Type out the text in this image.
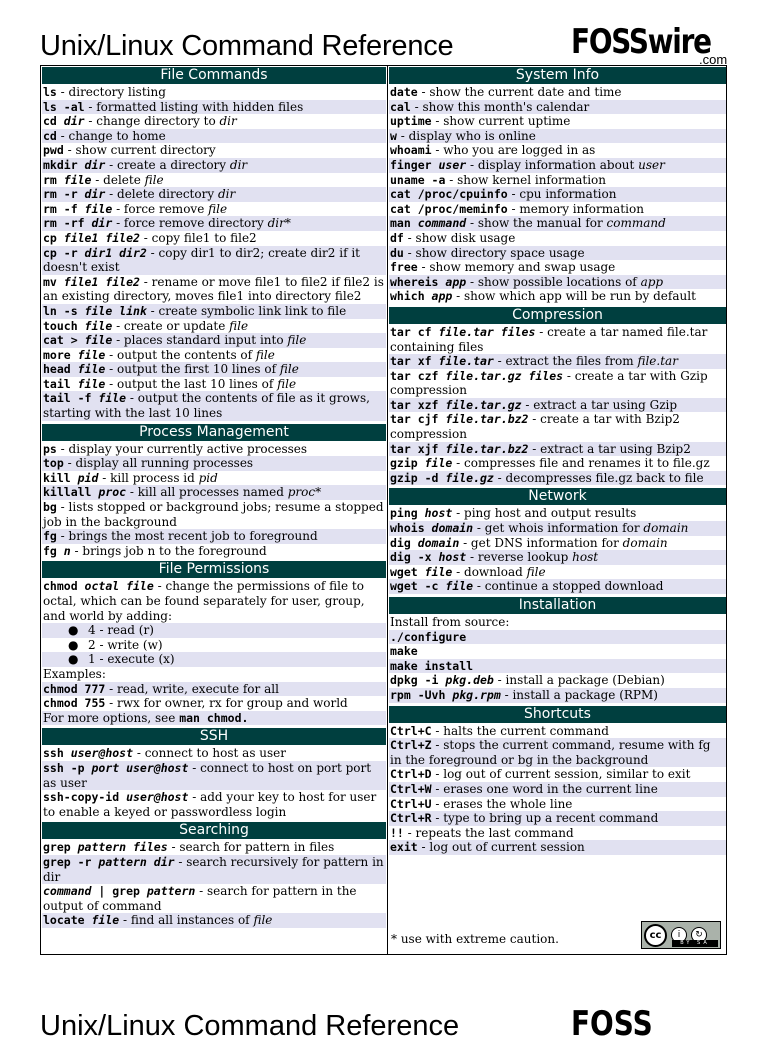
Unix/Linux Command Reference	FOSSwire
.com
File Commands
ls - directory listing
ls -al - formatted listing with hidden files
cd dir - change directory to dir
cd - change to home
pwd - show current directory
mkdir dir - create a directory dir
rm file - delete file
rm -r dir - delete directory dir
rm -f file - force remove file
rm -rf dir - force remove directory dir*
cp file1 file2 - copy file1 to file2
cp -r dir1 dir2 - copy dir1 to dir2; create dir2 if it doesn't exist
mv file1 file2 - rename or move file1 to file2 if file2 is an existing directory, moves file1 into directory file2
ln -s file link - create symbolic link link to file
touch file - create or update file
cat > file - places standard input into file
more file - output the contents of file
head file - output the first 10 lines of file
tail file - output the last 10 lines of file
tail -f file - output the contents of file as it grows, starting with the last 10 lines
Process Management
ps - display your currently active processes
top - display all running processes
kill pid - kill process id pid
killall proc - kill all processes named proc*
bg - lists stopped or background jobs; resume a stopped job in the background
fg - brings the most recent job to foreground
fg n - brings job n to the foreground
File Permissions
chmod octal file - change the permissions of file to octal, which can be found separately for user, group, and world by adding:
● 4 - read (r)
● 2 - write (w)
● 1 - execute (x)
Examples:
chmod 777 - read, write, execute for all
chmod 755 - rwx for owner, rx for group and world
For more options, see man chmod.
SSH
ssh user@host - connect to host as user
ssh -p port user@host - connect to host on port port as user
ssh-copy-id user@host - add your key to host for user to enable a keyed or passwordless login
Searching
grep pattern files - search for pattern in files
grep -r pattern dir - search recursively for pattern in dir
command | grep pattern - search for pattern in the output of command
locate file - find all instances of file
System Info
date - show the current date and time
cal - show this month's calendar
uptime - show current uptime
w - display who is online
whoami - who you are logged in as
finger user - display information about user
uname -a - show kernel information
cat /proc/cpuinfo - cpu information
cat /proc/meminfo - memory information
man command - show the manual for command
df - show disk usage
du - show directory space usage
free - show memory and swap usage
whereis app - show possible locations of app
which app - show which app will be run by default
Compression
tar cf file.tar files - create a tar named file.tar containing files
tar xf file.tar - extract the files from file.tar
tar czf file.tar.gz files - create a tar with Gzip compression
tar xzf file.tar.gz - extract a tar using Gzip
tar cjf file.tar.bz2 - create a tar with Bzip2 compression
tar xjf file.tar.bz2 - extract a tar using Bzip2
gzip file - compresses file and renames it to file.gz
gzip -d file.gz - decompresses file.gz back to file
Network
ping host - ping host and output results
whois domain - get whois information for domain
dig domain - get DNS information for domain
dig -x host - reverse lookup host
wget file - download file
wget -c file - continue a stopped download
Installation
Install from source:
./configure
make
make install
dpkg -i pkg.deb - install a package (Debian)
rpm -Uvh pkg.rpm - install a package (RPM)
Shortcuts
Ctrl+C - halts the current command
Ctrl+Z - stops the current command, resume with fg in the foreground or bg in the background
Ctrl+D - log out of current session, similar to exit
Ctrl+W - erases one word in the current line
Ctrl+U - erases the whole line
Ctrl+R - type to bring up a recent command
!! - repeats the last command
exit - log out of current session
* use with extreme caution.	cc	i	↻
BY SA
Unix/Linux Command Reference	FOSS
